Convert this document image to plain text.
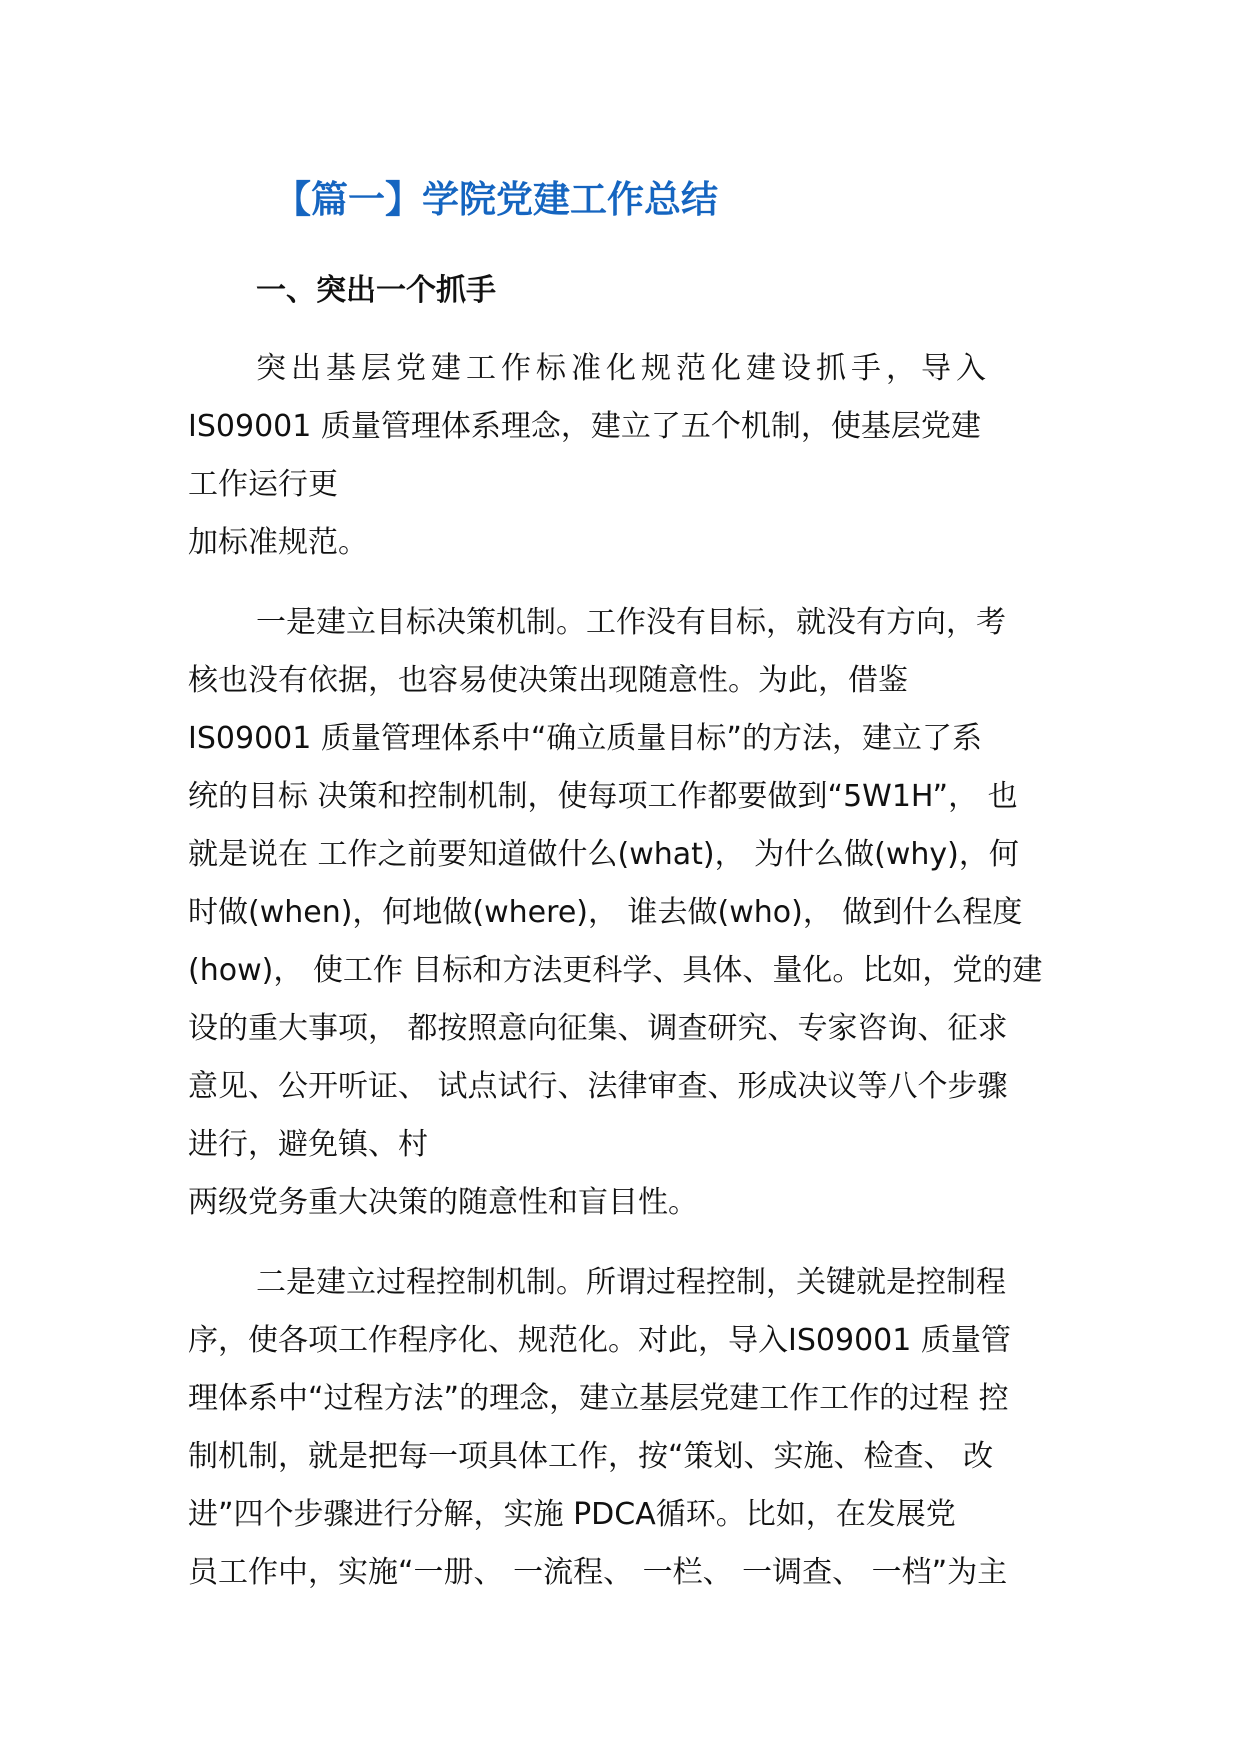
【篇一】学院党建工作总结
一、突出一个抓手
突出基层党建工作标准化规范化建设抓手，导入
IS09001 质量管理体系理念，建立了五个机制，使基层党建
工作运行更
加标准规范。
一是建立目标决策机制。工作没有目标，就没有方向，考
核也没有依据，也容易使决策出现随意性。为此，借鉴
IS09001 质量管理体系中“确立质量目标”的方法，建立了系
统的目标 决策和控制机制，使每项工作都要做到“5W1H”， 也
就是说在 工作之前要知道做什么(what)， 为什么做(why)，何
时做(when)，何地做(where)， 谁去做(who)， 做到什么程度
(how)， 使工作 目标和方法更科学、具体、量化。比如，党的建
设的重大事项， 都按照意向征集、调查研究、专家咨询、征求
意见、公开听证、 试点试行、法律审查、形成决议等八个步骤
进行，避免镇、村
两级党务重大决策的随意性和盲目性。
二是建立过程控制机制。所谓过程控制，关键就是控制程
序，使各项工作程序化、规范化。对此，导入IS09001 质量管
理体系中“过程方法”的理念，建立基层党建工作工作的过程 控
制机制，就是把每一项具体工作，按“策划、实施、检查、 改
进”四个步骤进行分解，实施 PDCA循环。比如，在发展党
员工作中，实施“一册、 一流程、 一栏、 一调查、 一档”为主
